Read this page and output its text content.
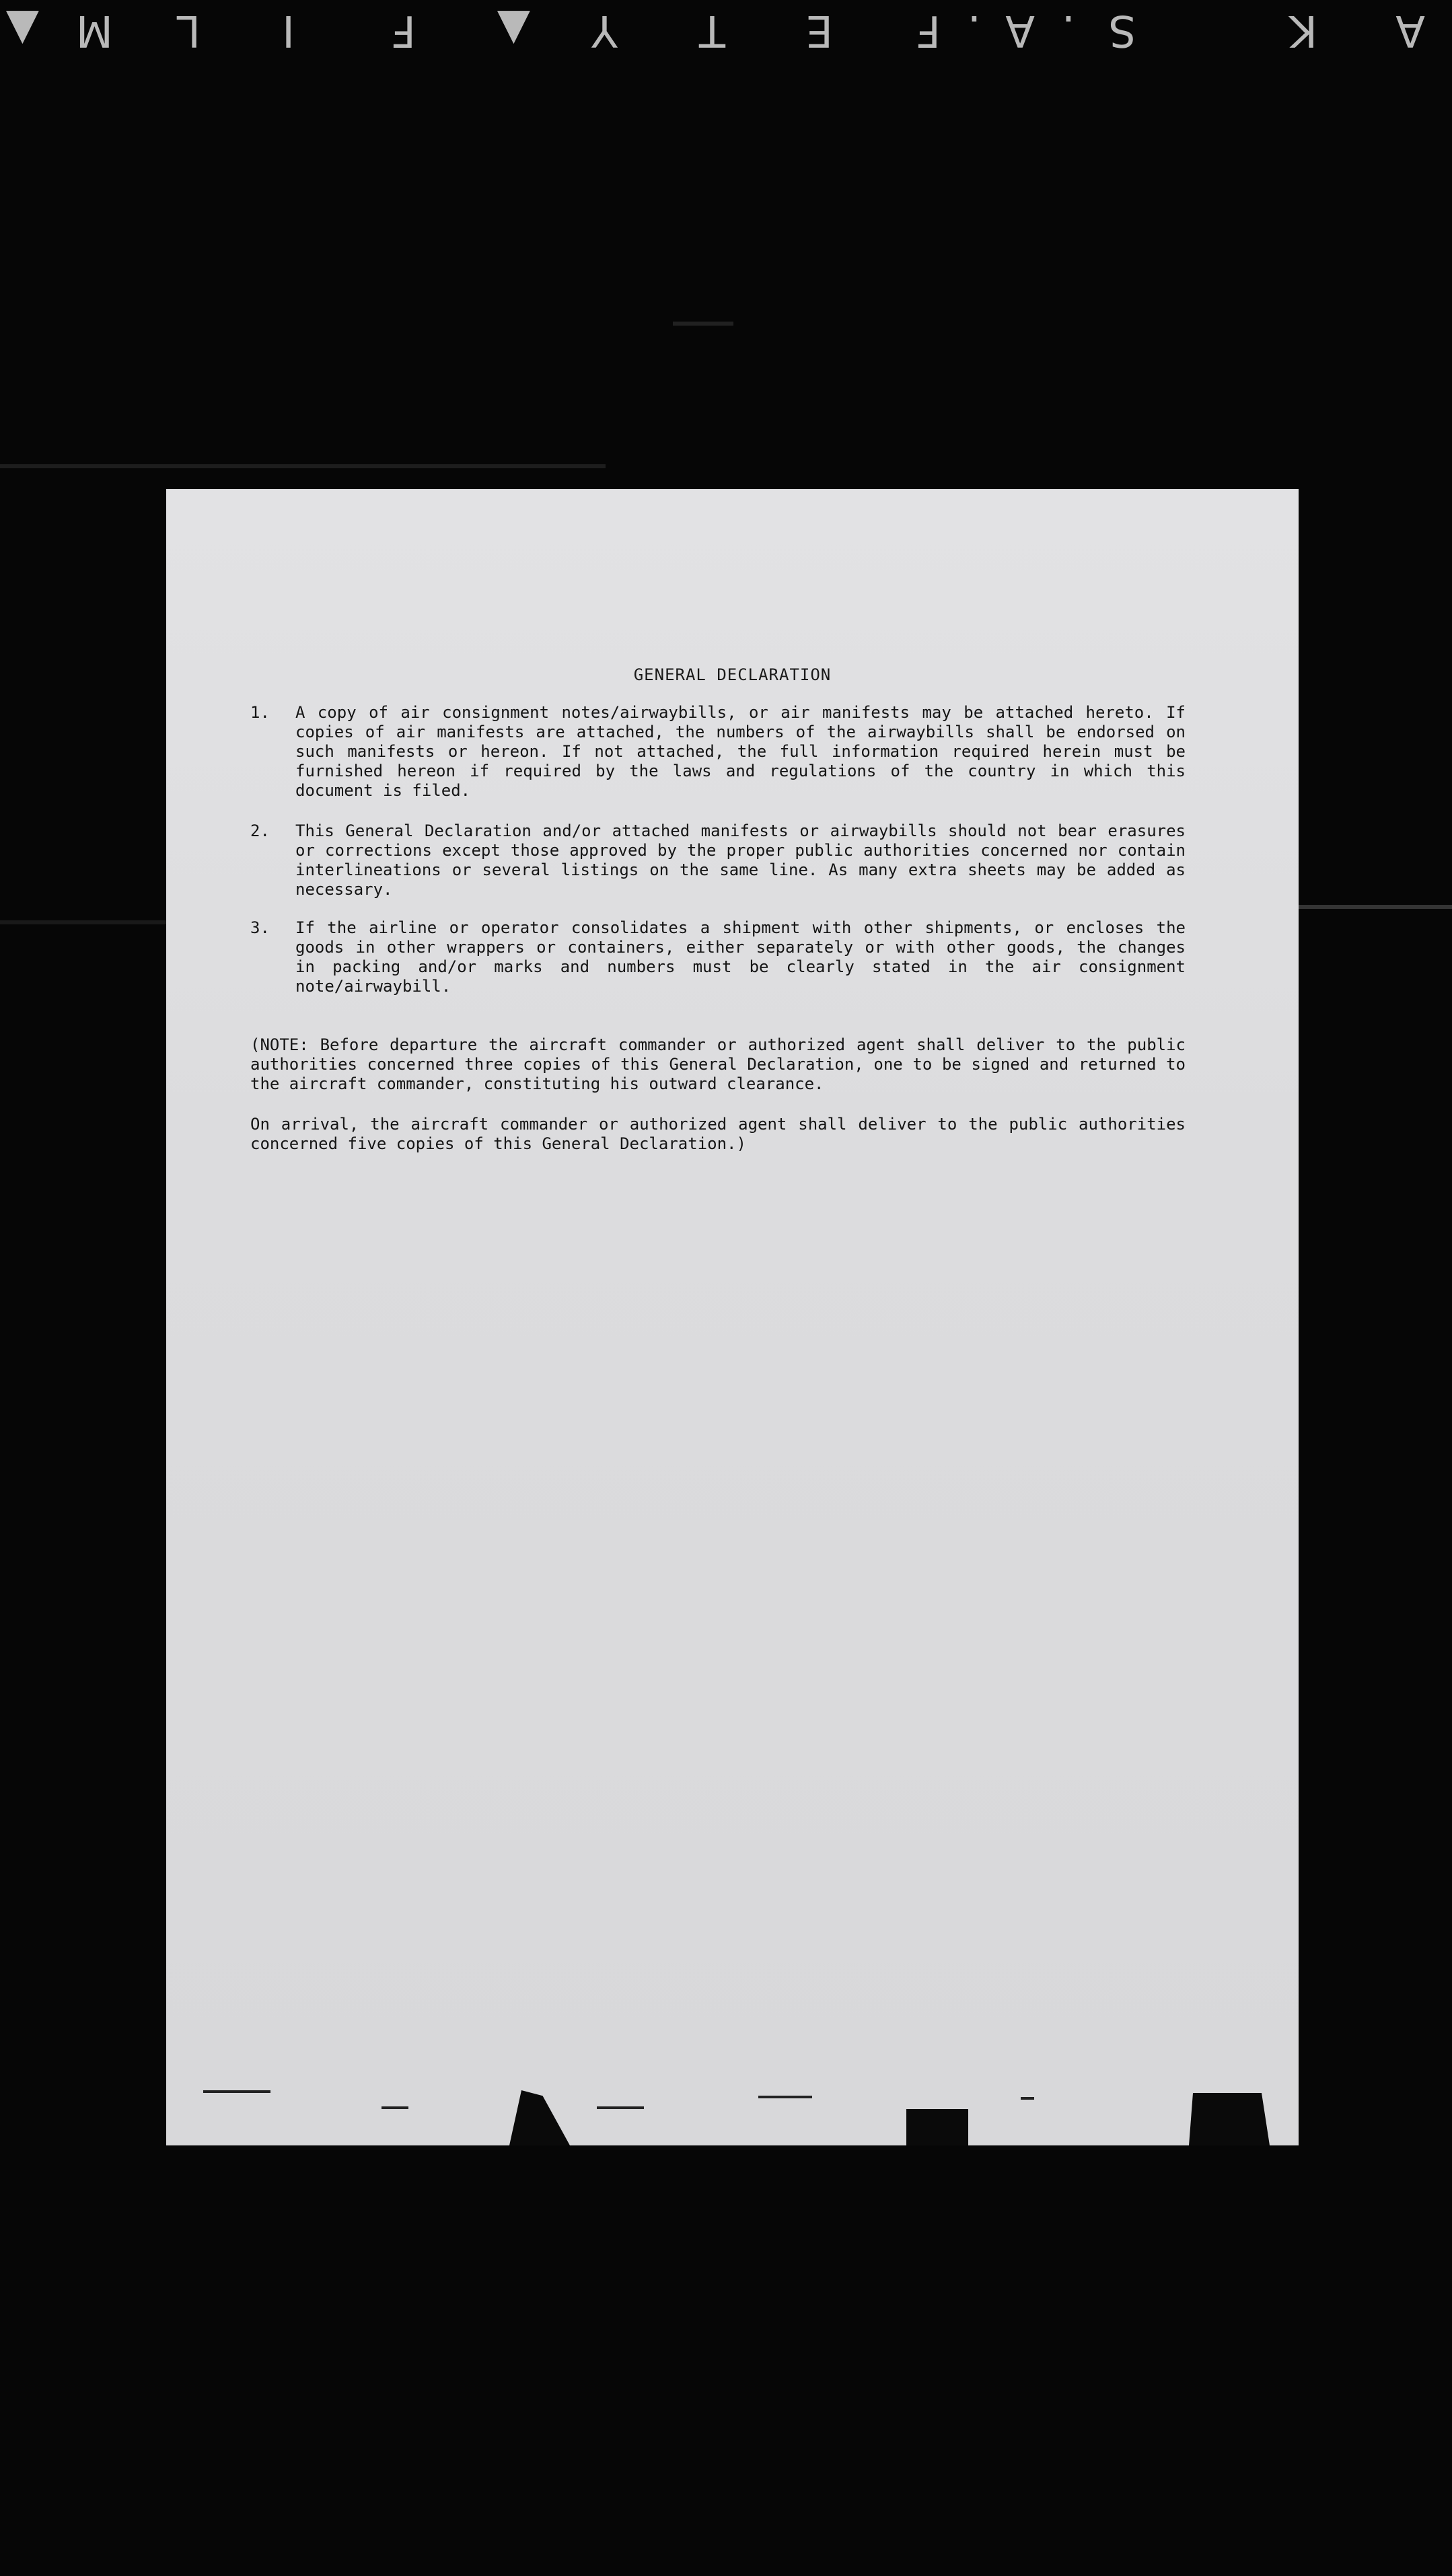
A
K
S
.
A
.
F
E
T
Y
▲
F
I
L
M
▲
GENERAL DECLARATION
1. A copy of air consignment notes/airwaybills, or air manifests may be attached hereto. If copies of air manifests are attached, the numbers of the airwaybills shall be endorsed on such manifests or hereon. If not attached, the full information required herein must be furnished hereon if required by the laws and regulations of the country in which this document is filed.
2. This General Declaration and/or attached manifests or airwaybills should not bear erasures or corrections except those approved by the proper public authorities concerned nor contain interlineations or several listings on the same line. As many extra sheets may be added as necessary.
3. If the airline or operator consolidates a shipment with other shipments, or encloses the goods in other wrappers or containers, either separately or with other goods, the changes in packing and/or marks and numbers must be clearly stated in the air consignment note/airwaybill.
(NOTE: Before departure the aircraft commander or authorized agent shall deliver to the public authorities concerned three copies of this General Declaration, one to be signed and returned to the aircraft commander, constituting his outward clearance.
On arrival, the aircraft commander or authorized agent shall deliver to the public authorities concerned five copies of this General Declaration.)
